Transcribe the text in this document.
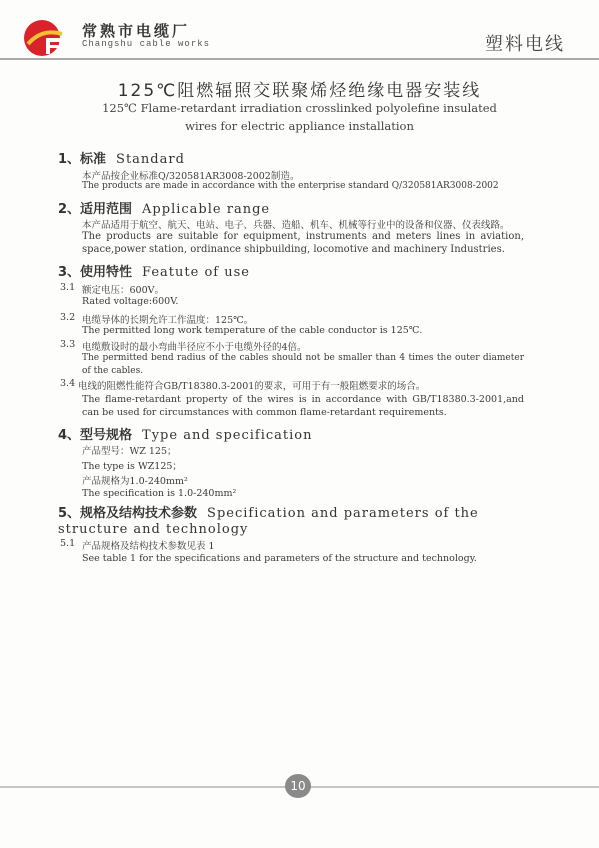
常熟市电缆厂
Changshu cable works	塑料电线
125℃阻燃辐照交联聚烯烃绝缘电器安装线
125℃ Flame-retardant irradiation crosslinked polyolefine insulated
wires for electric appliance installation
1、标准 Standard
本产品按企业标准Q/320581AR3008-2002制造。
The products are made in accordance with the enterprise standard Q/320581AR3008-2002
2、适用范围 Applicable range
本产品适用于航空、航天、电站、电子、兵器、造船、机车、机械等行业中的设备和仪器、仪表线路。
The products are suitable for equipment, instruments and meters lines in aviation, space,power station, ordinance shipbuilding, locomotive and machinery Industries.
3、使用特性 Featute of use
3.1 额定电压：600V。
Rated voltage:600V.
3.2 电缆导体的长期允许工作温度：125℃。
The permitted long work temperature of the cable conductor is 125℃.
3.3 电缆敷设时的最小弯曲半径应不小于电缆外径的4倍。
The permitted bend radius of the cables should not be smaller than 4 times the outer diameter of the cables.
3.4 电线的阻燃性能符合GB/T18380.3-2001的要求，可用于有一般阻燃要求的场合。
The flame-retardant property of the wires is in accordance with GB/T18380.3-2001,and can be used for circumstances with common flame-retardant requirements.
4、型号规格 Type and specification
产品型号：WZ 125；
The type is WZ125；
产品规格为1.0-240mm²
The specification is 1.0-240mm²
5、规格及结构技术参数 Specification and parameters of the structure and technology
5.1 产品规格及结构技术参数见表 1
See table 1 for the specifications and parameters of the structure and technology.
10
